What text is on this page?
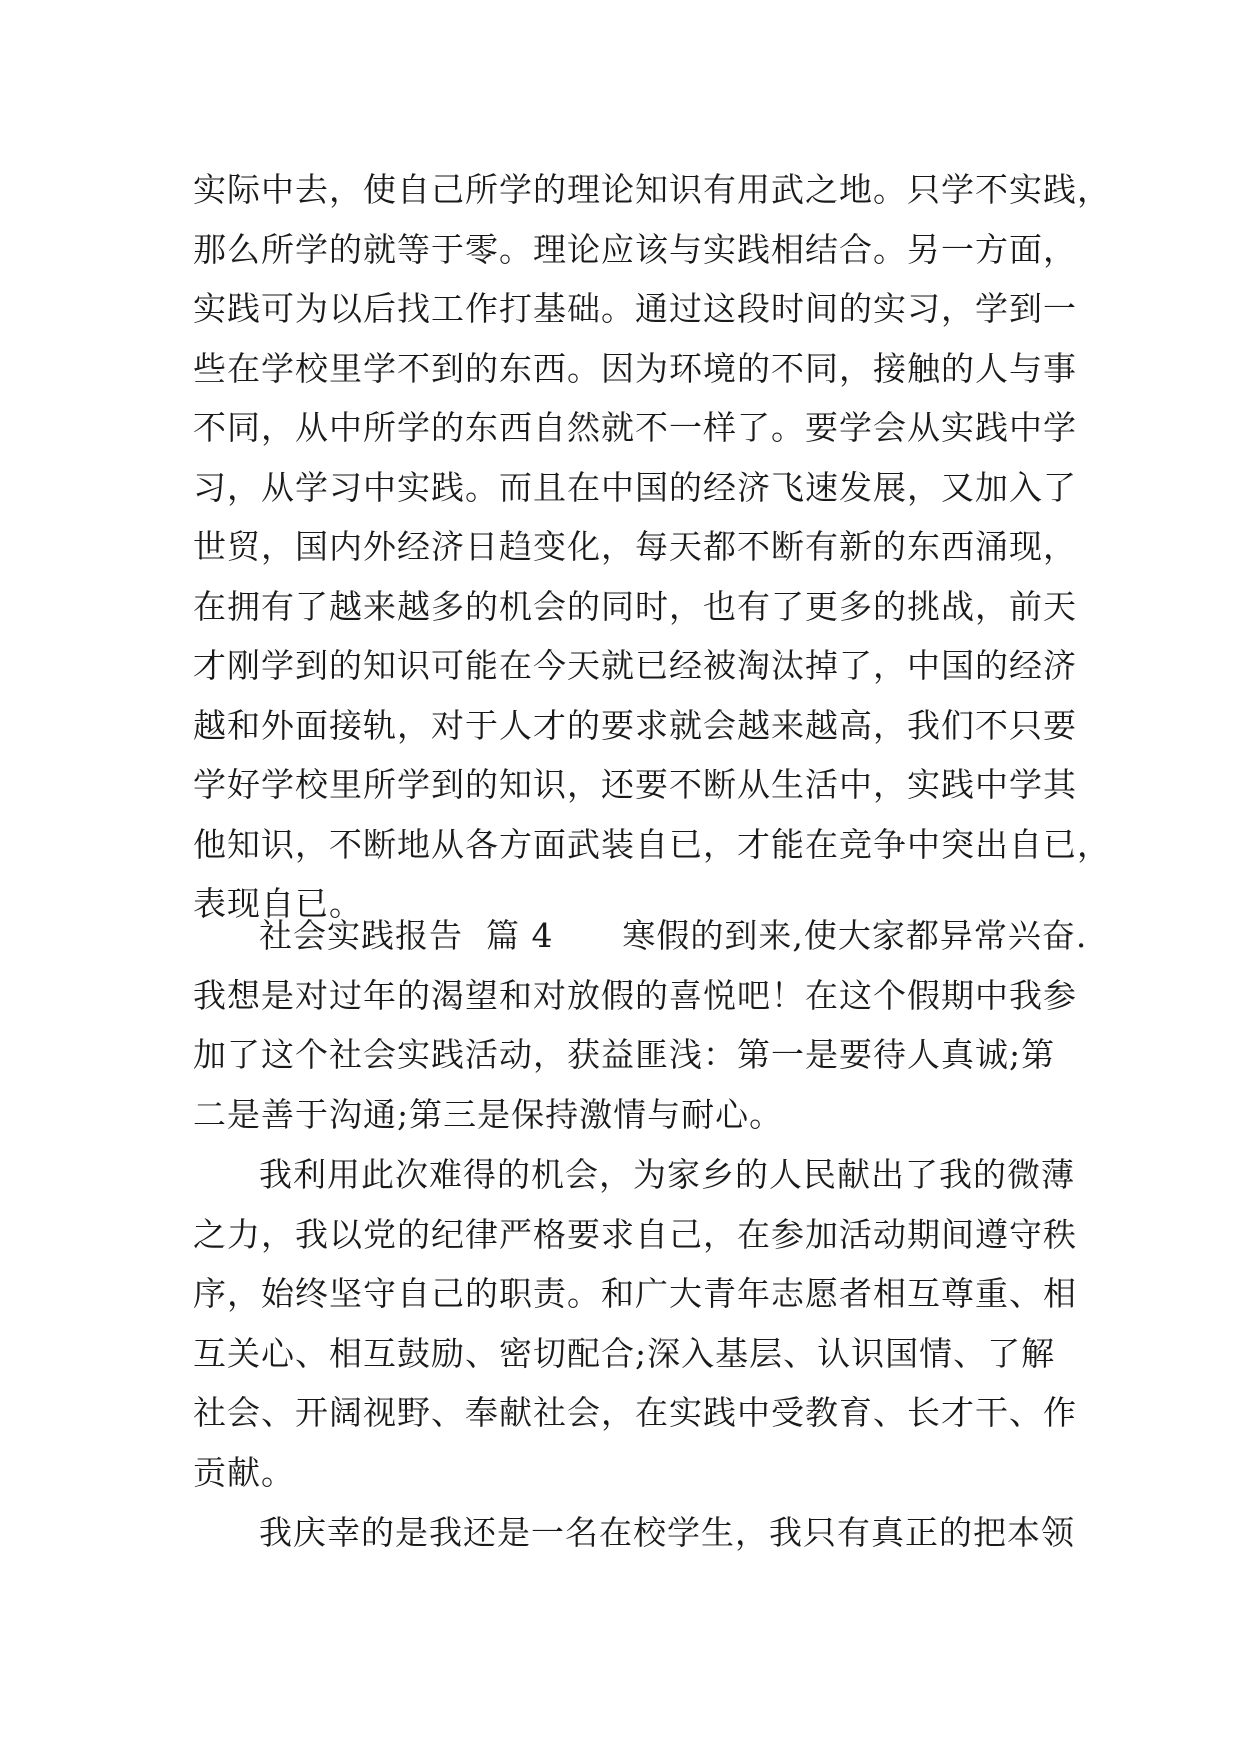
实际中去，使自己所学的理论知识有用武之地。只学不实践，
那么所学的就等于零。理论应该与实践相结合。另一方面，
实践可为以后找工作打基础。通过这段时间的实习，学到一
些在学校里学不到的东西。因为环境的不同，接触的人与事
不同，从中所学的东西自然就不一样了。要学会从实践中学
习，从学习中实践。而且在中国的经济飞速发展，又加入了
世贸，国内外经济日趋变化，每天都不断有新的东西涌现，
在拥有了越来越多的机会的同时，也有了更多的挑战，前天
才刚学到的知识可能在今天就已经被淘汰掉了，中国的经济
越和外面接轨，对于人才的要求就会越来越高，我们不只要
学好学校里所学到的知识，还要不断从生活中，实践中学其
他知识，不断地从各方面武装自已，才能在竞争中突出自已，
表现自已。
社会实践报告  篇 4      寒假的到来,使大家都异常兴奋.
我想是对过年的渴望和对放假的喜悦吧！在这个假期中我参
加了这个社会实践活动，获益匪浅：第一是要待人真诚;第
二是善于沟通;第三是保持激情与耐心。
我利用此次难得的机会，为家乡的人民献出了我的微薄
之力，我以党的纪律严格要求自己，在参加活动期间遵守秩
序，始终坚守自己的职责。和广大青年志愿者相互尊重、相
互关心、相互鼓励、密切配合;深入基层、认识国情、了解
社会、开阔视野、奉献社会，在实践中受教育、长才干、作
贡献。
我庆幸的是我还是一名在校学生，我只有真正的把本领
